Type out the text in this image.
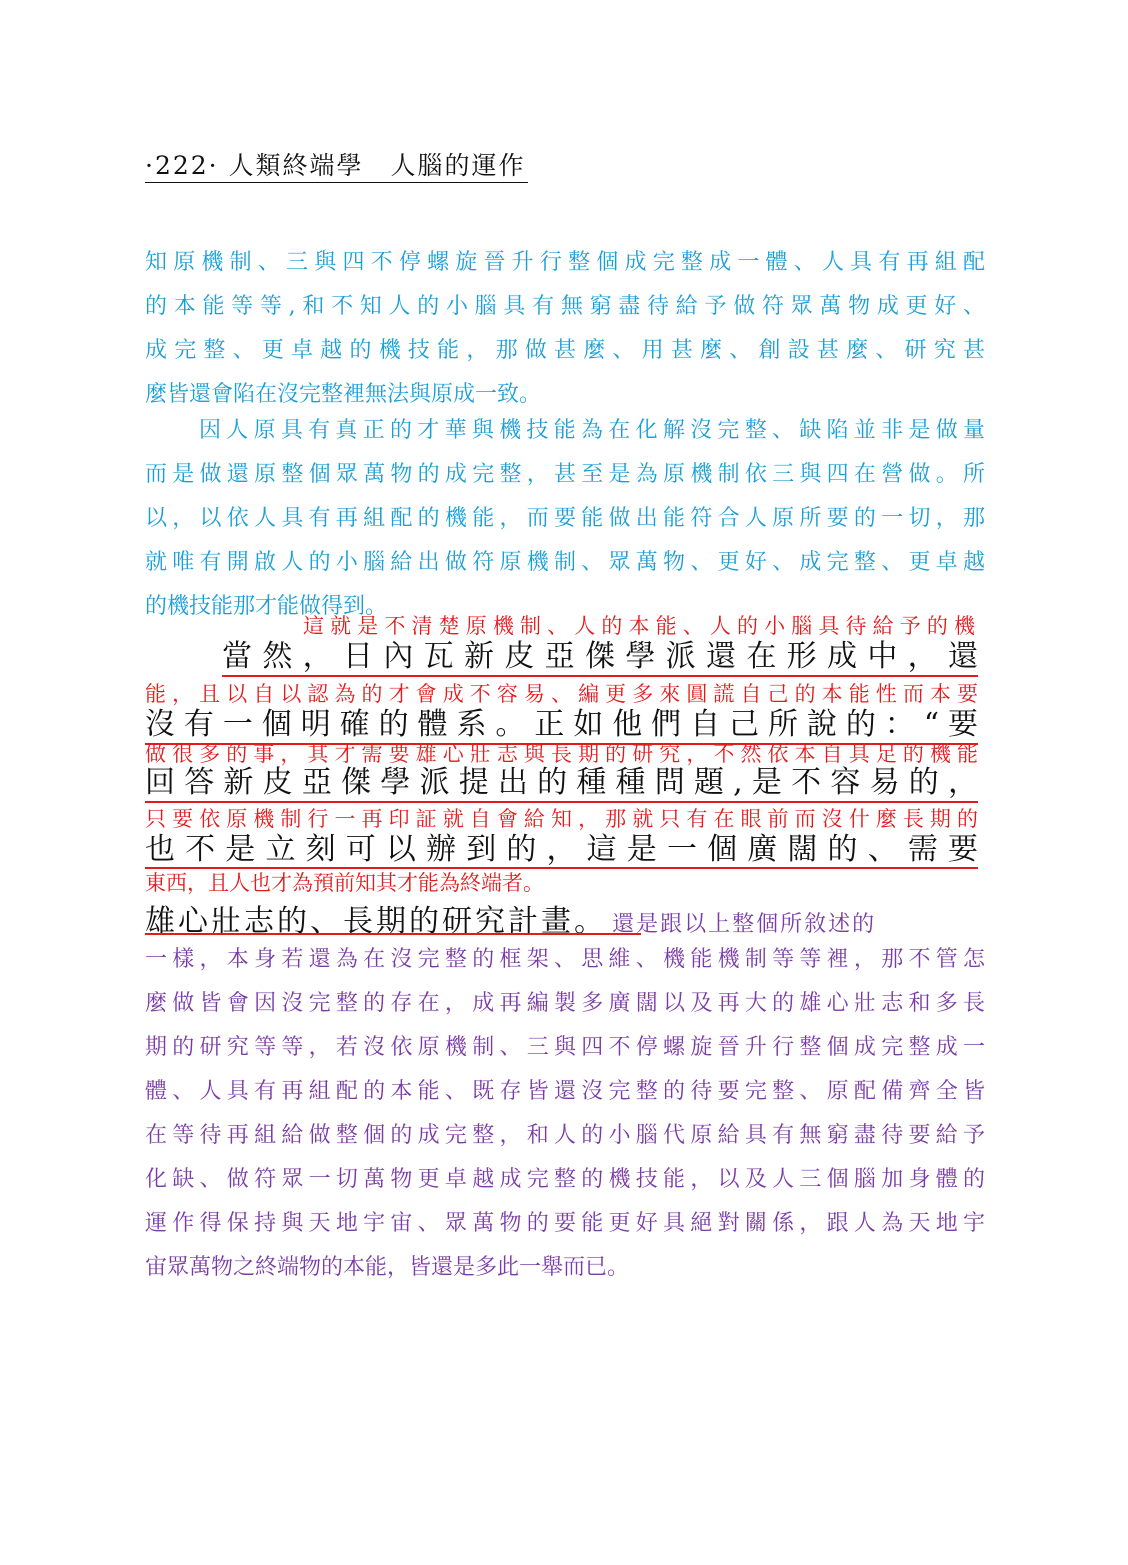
·222· 人類終端學　人腦的運作
知原機制、三與四不停螺旋晉升行整個成完整成一體、人具有再組配
的本能等等,和不知人的小腦具有無窮盡待給予做符眾萬物成更好、
成完整、更卓越的機技能，那做甚麼、用甚麼、創設甚麼、研究甚
麼皆還會陷在沒完整裡無法與原成一致。
因人原具有真正的才華與機技能為在化解沒完整、缺陷並非是做量
而是做還原整個眾萬物的成完整，甚至是為原機制依三與四在營做。所
以，以依人具有再組配的機能，而要能做出能符合人原所要的一切，那
就唯有開啟人的小腦給出做符原機制、眾萬物、更好、成完整、更卓越
的機技能那才能做得到。
這就是不清楚原機制、人的本能、人的小腦具待給予的機
當然，日內瓦新皮亞傑學派還在形成中，還
能，且以自以認為的才會成不容易、編更多來圓謊自己的本能性而本要
沒有一個明確的體系。正如他們自己所說的：“要
做很多的事，其才需要雄心壯志與長期的研究，不然依本自具足的機能
回答新皮亞傑學派提出的種種問題,是不容易的，
只要依原機制行一再印証就自會給知，那就只有在眼前而沒什麼長期的
也不是立刻可以辦到的，這是一個廣闊的、需要
東西，且人也才為預前知其才能為終端者。
雄心壯志的、長期的研究計畫。 還是跟以上整個所敘述的
一樣，本身若還為在沒完整的框架、思維、機能機制等等裡，那不管怎
麼做皆會因沒完整的存在，成再編製多廣闊以及再大的雄心壯志和多長
期的研究等等，若沒依原機制、三與四不停螺旋晉升行整個成完整成一
體、人具有再組配的本能、既存皆還沒完整的待要完整、原配備齊全皆
在等待再組給做整個的成完整，和人的小腦代原給具有無窮盡待要給予
化缺、做符眾一切萬物更卓越成完整的機技能，以及人三個腦加身體的
運作得保持與天地宇宙、眾萬物的要能更好具絕對關係，跟人為天地宇
宙眾萬物之終端物的本能，皆還是多此一舉而已。
